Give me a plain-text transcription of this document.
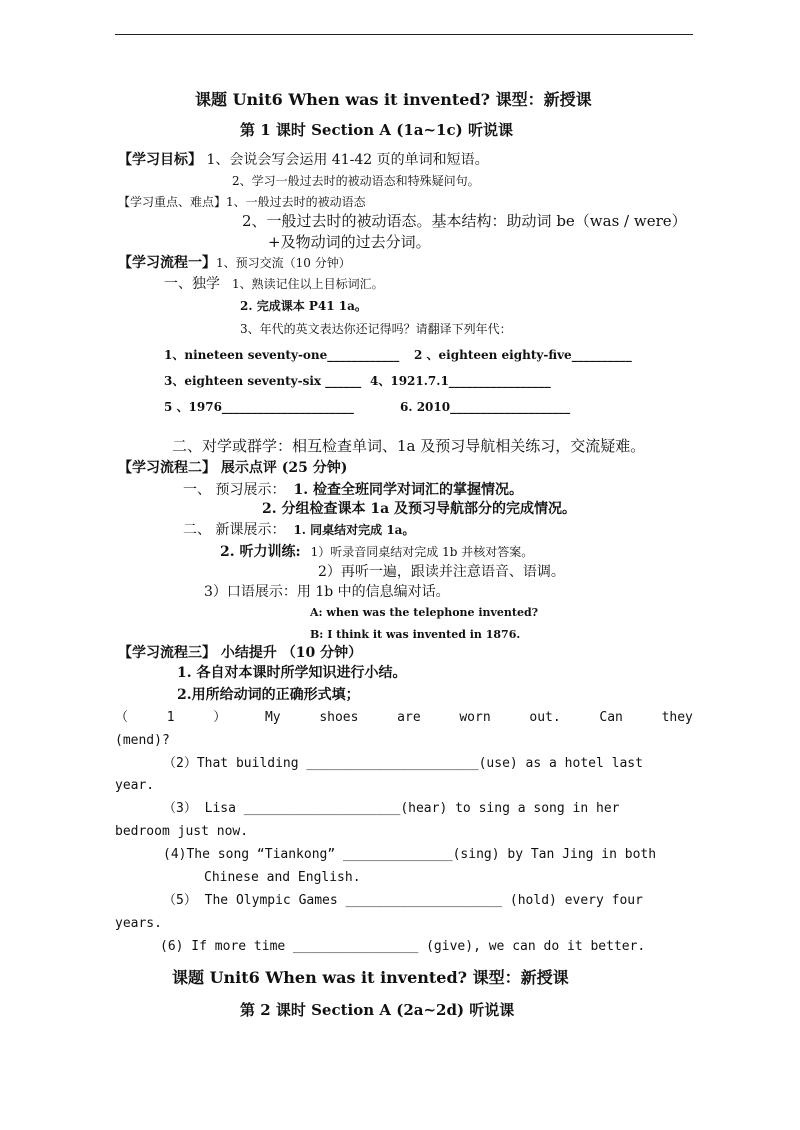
课题 Unit6 When was it invented? 课型：新授课
第 1 课时 Section A (1a~1c) 听说课
【学习目标】 1、会说会写会运用 41-42 页的单词和短语。
2、学习一般过去时的被动语态和特殊疑问句。
【学习重点、难点】1、一般过去时的被动语态
2、一般过去时的被动语态。基本结构：助动词 be（was / were）
+及物动词的过去分词。
【学习流程一】1、预习交流（10 分钟）
一、独学 1、熟读记住以上目标词汇。
2. 完成课本 P41 1a。
3、年代的英文表达你还记得吗？请翻译下列年代：
1、nineteen seventy-one____________ 2 、eighteen eighty-five__________
3、eighteen seventy-six ______ 4、1921.7.1_________________
5 、1976______________________	6. 2010____________________
二、对学或群学：相互检查单词、1a 及预习导航相关练习，交流疑难。
【学习流程二】 展示点评 (25 分钟)
一、 预习展示： 1. 检查全班同学对词汇的掌握情况。
2. 分组检查课本 1a 及预习导航部分的完成情况。
二、 新课展示： 1. 同桌结对完成 1a。
2. 听力训练: 1）听录音同桌结对完成 1b 并核对答案。
2）再听一遍，跟读并注意语音、语调。
3）口语展示：用 1b 中的信息编对话。
A: when was the telephone invented?
B: I think it was invented in 1876.
【学习流程三】 小结提升 （10 分钟）
1. 各自对本课时所学知识进行小结。
2.用所给动词的正确形式填；
（	1	）	My	shoes	are	worn	out.	Can	they
(mend)?
（2）That building ______________________(use) as a hotel last
year.
（3） Lisa ____________________(hear) to sing a song in her
bedroom just now.
(4)The song “Tiankong” ______________(sing) by Tan Jing in both
Chinese and English.
（5） The Olympic Games ____________________ (hold) every four
years.
(6) If more time ________________ (give), we can do it better.
课题 Unit6 When was it invented? 课型：新授课
第 2 课时 Section A (2a~2d) 听说课
